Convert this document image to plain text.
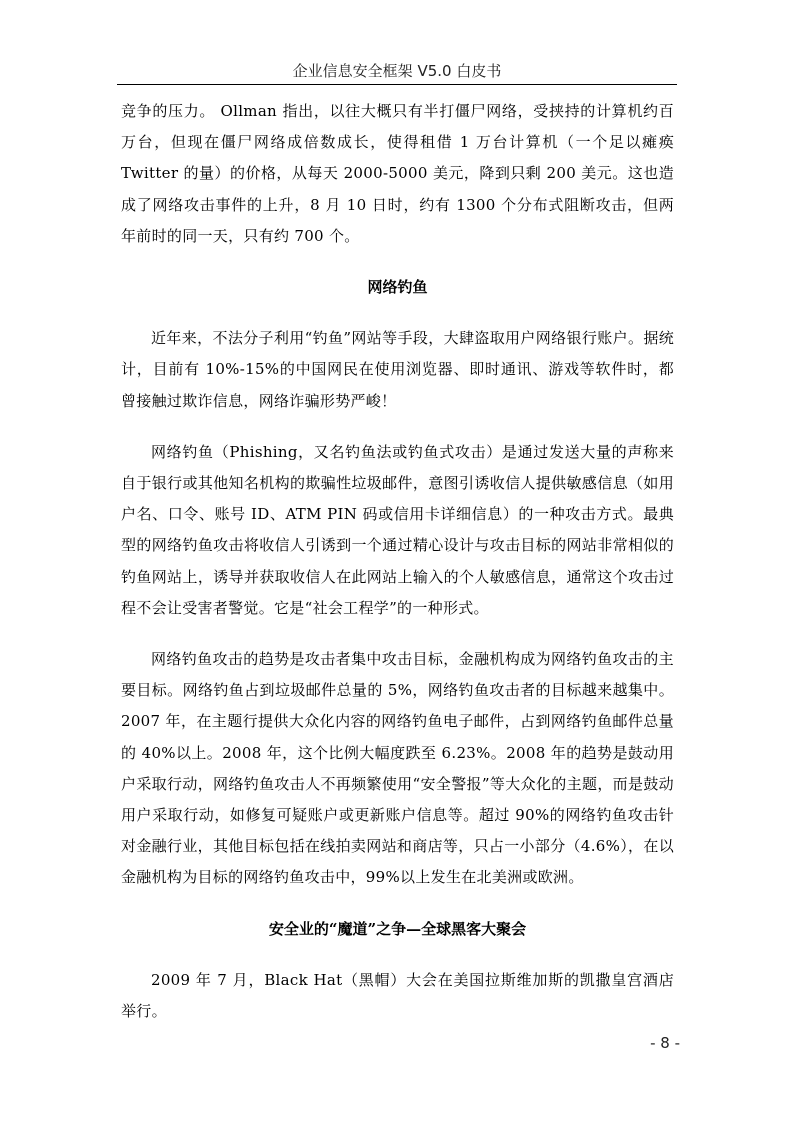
企业信息安全框架 V5.0 白皮书

竞争的压力。 Ollman 指出，以往大概只有半打僵尸网络，受挟持的计算机约百万台，但现在僵尸网络成倍数成长，使得租借 1 万台计算机（一个足以瘫痪 Twitter 的量）的价格，从每天 2000-5000 美元，降到只剩 200 美元。这也造成了网络攻击事件的上升，8 月 10 日时，约有 1300 个分布式阻断攻击，但两年前时的同一天，只有约 700 个。

网络钓鱼

近年来，不法分子利用“钓鱼”网站等手段，大肆盗取用户网络银行账户。据统计，目前有 10%-15%的中国网民在使用浏览器、即时通讯、游戏等软件时，都曾接触过欺诈信息，网络诈骗形势严峻！

网络钓鱼（Phishing，又名钓鱼法或钓鱼式攻击）是通过发送大量的声称来自于银行或其他知名机构的欺骗性垃圾邮件，意图引诱收信人提供敏感信息（如用户名、口令、账号 ID、ATM PIN 码或信用卡详细信息）的一种攻击方式。最典型的网络钓鱼攻击将收信人引诱到一个通过精心设计与攻击目标的网站非常相似的钓鱼网站上，诱导并获取收信人在此网站上输入的个人敏感信息，通常这个攻击过程不会让受害者警觉。它是“社会工程学”的一种形式。

网络钓鱼攻击的趋势是攻击者集中攻击目标，金融机构成为网络钓鱼攻击的主要目标。网络钓鱼占到垃圾邮件总量的 5%，网络钓鱼攻击者的目标越来越集中。2007 年，在主题行提供大众化内容的网络钓鱼电子邮件，占到网络钓鱼邮件总量的 40%以上。2008 年，这个比例大幅度跌至 6.23%。2008 年的趋势是鼓动用户采取行动，网络钓鱼攻击人不再频繁使用“安全警报”等大众化的主题，而是鼓动用户采取行动，如修复可疑账户或更新账户信息等。超过 90%的网络钓鱼攻击针对金融行业，其他目标包括在线拍卖网站和商店等，只占一小部分（4.6%），在以金融机构为目标的网络钓鱼攻击中，99%以上发生在北美洲或欧洲。

安全业的“魔道”之争—全球黑客大聚会

2009 年 7 月，Black Hat（黑帽）大会在美国拉斯维加斯的凯撒皇宫酒店举行。

- 8 -
